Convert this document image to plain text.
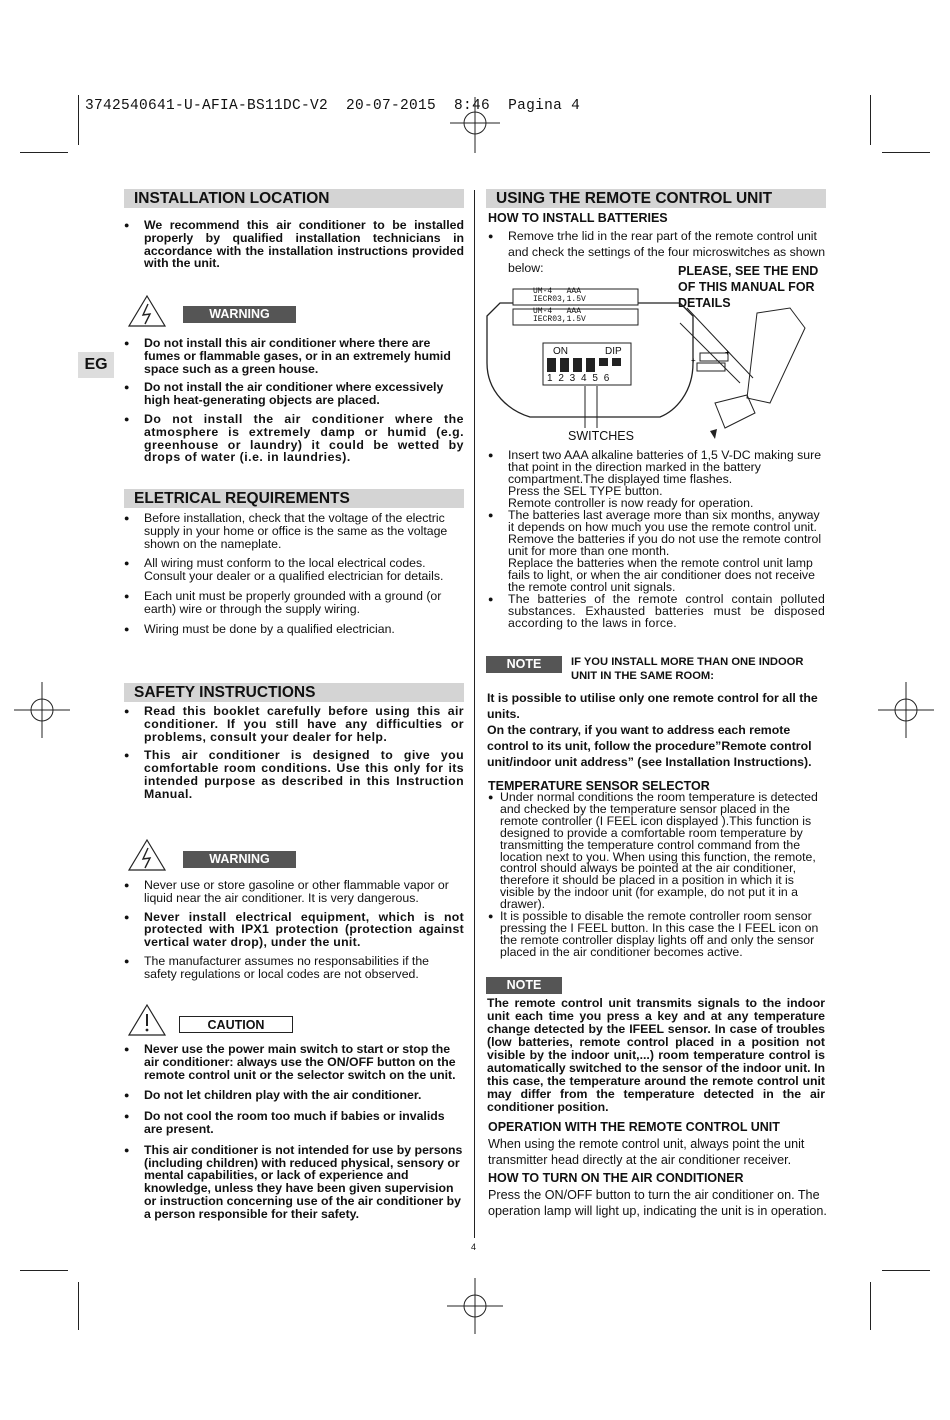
3742540641-U-AFIA-BS11DC-V2  20-07-2015  8:46  Pagina 4
EG
INSTALLATION LOCATION

● We recommend this air conditioner to be installed properly by qualified installation technicians in accordance with the installation instructions provided with the unit.

WARNING

● Do not install this air conditioner where there are fumes or flammable gases, or in an extremely humid space such as a green house.

● Do not install the air conditioner where excessively high heat-generating objects are placed.

● Do not install the air conditioner where the atmosphere is extremely damp or humid (e.g. greenhouse or laundry) it could be wetted by drops of water (i.e. in laundries).

ELETRICAL REQUIREMENTS

● Before installation, check that the voltage of the electric supply in your home or office is the same as the voltage shown on the nameplate.

● All wiring must conform to the local electrical codes. Consult your dealer or a qualified electrician for details.

● Each unit must be properly grounded with a ground (or earth) wire or through the supply wiring.

● Wiring must be done by a qualified electrician.

SAFETY INSTRUCTIONS

● Read this booklet carefully before using this air conditioner. If you still have any difficulties or problems, consult your dealer for help.

● This air conditioner is designed to give you comfortable room conditions. Use this only for its intended purpose as described in this Instruction Manual.

WARNING

● Never use or store gasoline or other flammable vapor or liquid near the air conditioner. It is very dangerous.

● Never install electrical equipment, which is not protected with IPX1 protection (protection against vertical water drop), under the unit.

● The manufacturer assumes no responsabilities if the safety regulations or local codes are not observed.

CAUTION

● Never use the power main switch to start or stop the air conditioner: always use the ON/OFF button on the remote control unit or the selector switch on the unit.

● Do not let children play with the air conditioner.

● Do not cool the room too much if babies or invalids are present.

● This air conditioner is not intended for use by persons (including children) with reduced physical, sensory or mental capabilities, or lack of experience and knowledge, unless they have been given supervision or instruction concerning use of the air conditioner by a person responsible for their safety.

USING THE REMOTE CONTROL UNIT
HOW TO INSTALL BATTERIES

● Remove trhe lid in the rear part of the remote control unit and check the settings of the four microswitches as shown below:	PLEASE, SEE THE END OF THIS MANUAL FOR DETAILS
+
+
UM-4   AAA
IECR03,1.5V
UM-4   AAA
IECR03,1.5V
ON	DIP
1 2 3 4 5 6
SWITCHES

● Insert two AAA alkaline batteries of 1,5 V-DC making sure that point in the direction marked in the battery compartment.The displayed time flashes.
Press the SEL TYPE button.
Remote controller is now ready for operation.

● The batteries last average more than six months, anyway it depends on how much you use the remote control unit.
Remove the batteries if you do not use the remote control unit for more than one month.
Replace the batteries when the remote control unit lamp fails to light, or when the air conditioner does not receive the remote control unit signals.

● The batteries of the remote control contain polluted substances. Exhausted batteries must be disposed according to the laws in force.

NOTE	IF YOU INSTALL MORE THAN ONE INDOOR UNIT IN THE SAME ROOM:
It is possible to utilise only one remote control for all the units.
On the contrary, if you want to address each remote control to its unit, follow the procedure”Remote control unit/indoor unit address” (see Installation Instructions).
TEMPERATURE SENSOR SELECTOR

● Under normal conditions the room temperature is detected and checked by the temperature sensor placed in the remote controller (I FEEL icon displayed ).This function is designed to provide a comfortable room temperature by transmitting the temperature control command from the location next to you. When using this function, the remote, control should always be pointed at the air conditioner, therefore it should be placed in a position in which it is visible by the indoor unit (for example, do not put it in a drawer).

● It is possible to disable the remote controller room sensor pressing the I FEEL button. In this case the I FEEL icon on the remote controller display lights off and only the sensor placed in the air conditioner becomes active.

NOTE
The remote control unit transmits signals to the indoor unit each time you press a key and at any temperature change detected by the IFEEL sensor. In case of troubles (low batteries, remote control placed in a position not visible by the indoor unit,...) room temperature control is automatically switched to the sensor of the indoor unit. In this case, the temperature around the remote control unit may differ from the temperature detected in the air conditioner position.
OPERATION WITH THE REMOTE CONTROL UNIT
When using the remote control unit, always point the unit transmitter head directly at the air conditioner receiver.
HOW TO TURN ON THE AIR CONDITIONER
Press the ON/OFF button to turn the air conditioner on. The operation lamp will light up, indicating the unit is in operation.
4
